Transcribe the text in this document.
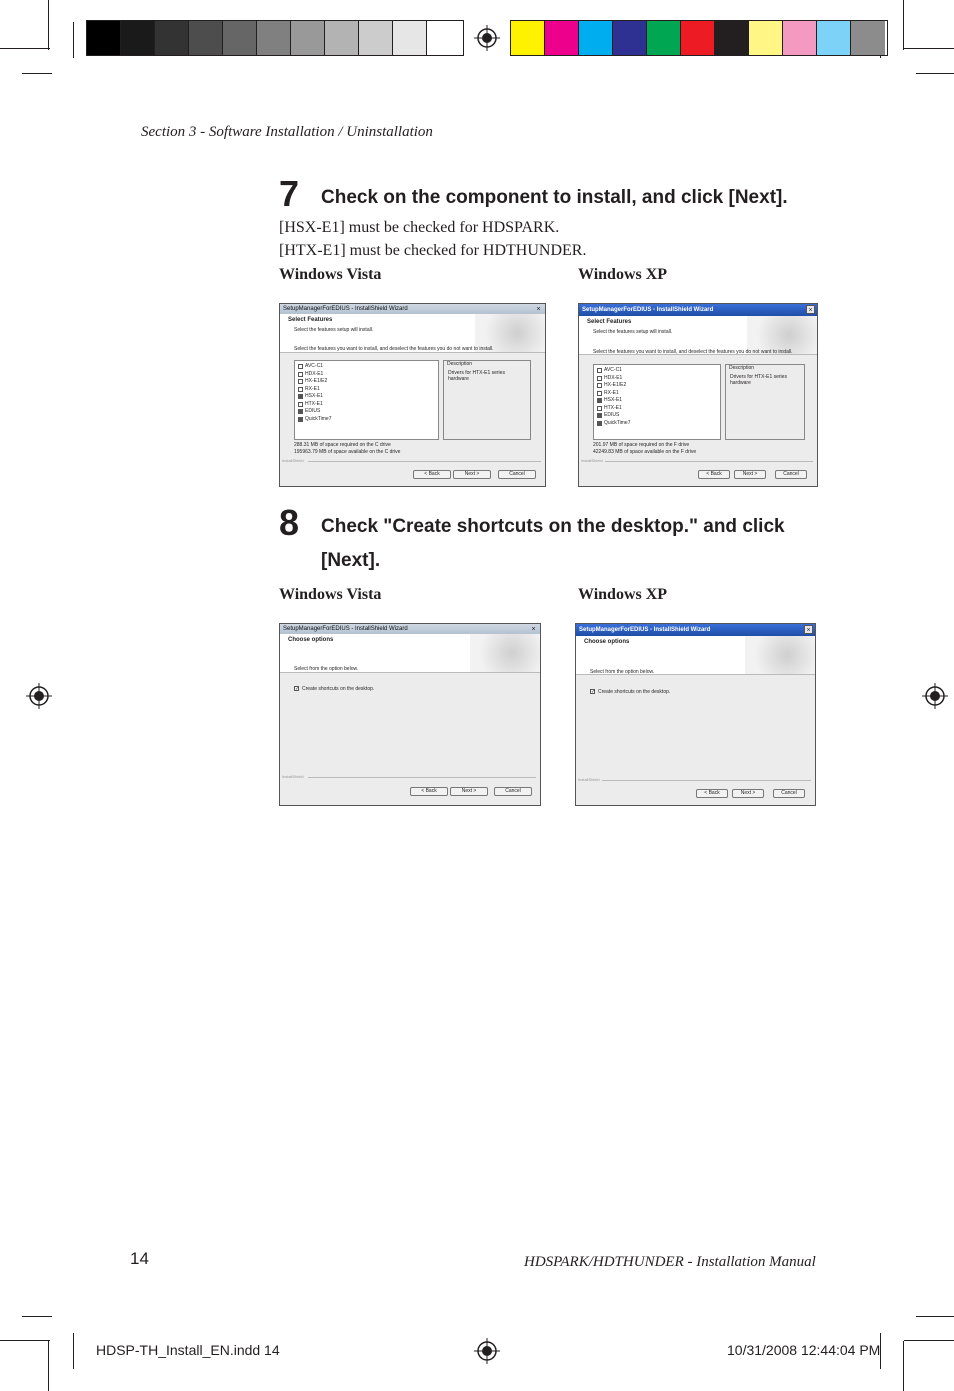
Section 3 - Software Installation / Uninstallation
7 Check on the component to install, and click [Next].
[HSX-E1] must be checked for HDSPARK.
[HTX-E1] must be checked for HDTHUNDER.
Windows Vista	Windows XP
SetupManagerForEDIUS - InstallShield Wizard	×
Select Features
Select the features setup will install.
Select the features you want to install, and deselect the features you do not want to install.
AVC-C1
HDX-E1
HX-E1/E2
RX-E1
HSX-E1
HTX-E1
EDIUS
QuickTime7
Description
Drivers for HTX-E1 series hardware
288.31 MB of space required on the C drive
195963.79 MB of space available on the C drive
InstallShield
< Back	Next >	Cancel
SetupManagerForEDIUS - InstallShield Wizard	×
Select Features
Select the features setup will install.
Select the features you want to install, and deselect the features you do not want to install.
AVC-C1
HDX-E1
HX-E1/E2
RX-E1
HSX-E1
HTX-E1
EDIUS
QuickTime7
Description
Drivers for HTX-E1 series hardware
201.97 MB of space required on the F drive
42249.83 MB of space available on the F drive
InstallShield
< Back	Next >	Cancel
8 Check "Create shortcuts on the desktop." and click
[Next].
Windows Vista	Windows XP
SetupManagerForEDIUS - InstallShield Wizard	×
Choose options
Select from the option below.
✓ Create shortcuts on the desktop.
InstallShield
< Back	Next >	Cancel
SetupManagerForEDIUS - InstallShield Wizard	×
Choose options
Select from the option below.
✓ Create shortcuts on the desktop.
InstallShield
< Back	Next >	Cancel
14	HDSPARK/HDTHUNDER - Installation Manual
HDSP-TH_Install_EN.indd 14	10/31/2008 12:44:04 PM
